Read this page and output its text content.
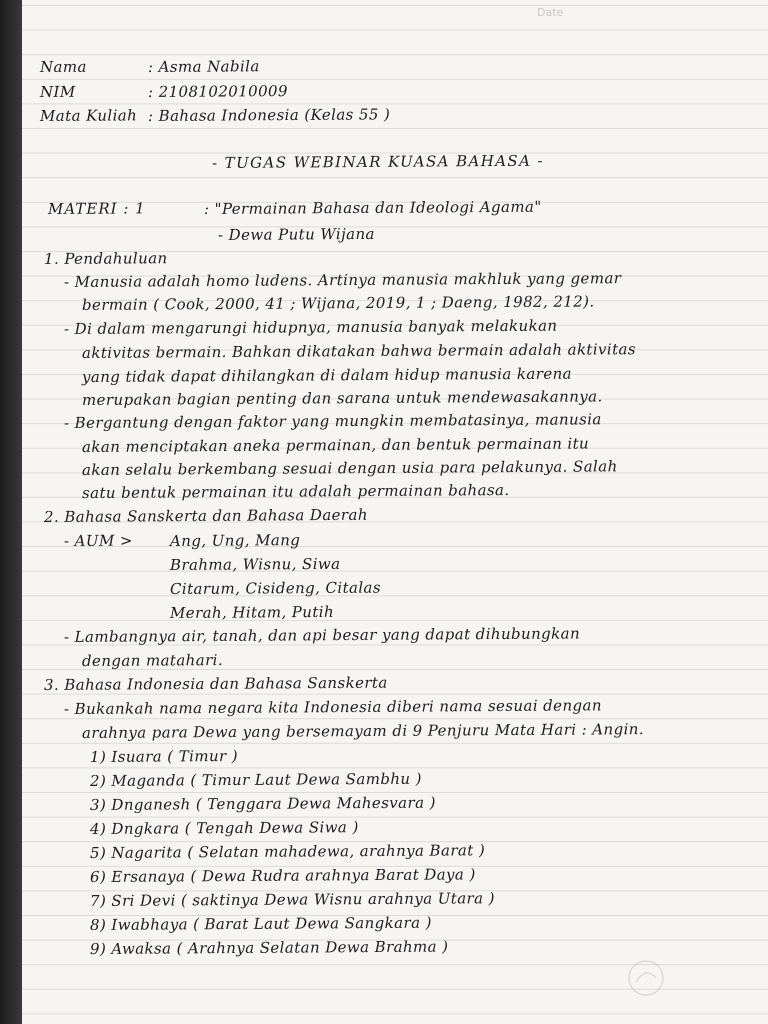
Date
Nama	: Asma Nabila
NIM	: 2108102010009
Mata Kuliah : Bahasa Indonesia (Kelas 55 )
- TUGAS WEBINAR KUASA BAHASA -
MATERI : 1	: "Permainan Bahasa dan Ideologi Agama"
- Dewa Putu Wijana
1. Pendahuluan
- Manusia adalah homo ludens. Artinya manusia makhluk yang gemar
bermain ( Cook, 2000, 41 ; Wijana, 2019, 1 ; Daeng, 1982, 212).
- Di dalam mengarungi hidupnya, manusia banyak melakukan
aktivitas bermain. Bahkan dikatakan bahwa bermain adalah aktivitas
yang tidak dapat dihilangkan di dalam hidup manusia karena
merupakan bagian penting dan sarana untuk mendewasakannya.
- Bergantung dengan faktor yang mungkin membatasinya, manusia
akan menciptakan aneka permainan, dan bentuk permainan itu
akan selalu berkembang sesuai dengan usia para pelakunya. Salah
satu bentuk permainan itu adalah permainan bahasa.
2. Bahasa Sanskerta dan Bahasa Daerah
- AUM > Ang, Ung, Mang
Brahma, Wisnu, Siwa
Citarum, Cisideng, Citalas
Merah, Hitam, Putih
- Lambangnya air, tanah, dan api besar yang dapat dihubungkan
dengan matahari.
3. Bahasa Indonesia dan Bahasa Sanskerta
- Bukankah nama negara kita Indonesia diberi nama sesuai dengan
arahnya para Dewa yang bersemayam di 9 Penjuru Mata Hari : Angin.
1) Isuara ( Timur )
2) Maganda ( Timur Laut Dewa Sambhu )
3) Dnganesh ( Tenggara Dewa Mahesvara )
4) Dngkara ( Tengah Dewa Siwa )
5) Nagarita ( Selatan mahadewa, arahnya Barat )
6) Ersanaya ( Dewa Rudra arahnya Barat Daya )
7) Sri Devi ( saktinya Dewa Wisnu arahnya Utara )
8) Iwabhaya ( Barat Laut Dewa Sangkara )
9) Awaksa ( Arahnya Selatan Dewa Brahma )
